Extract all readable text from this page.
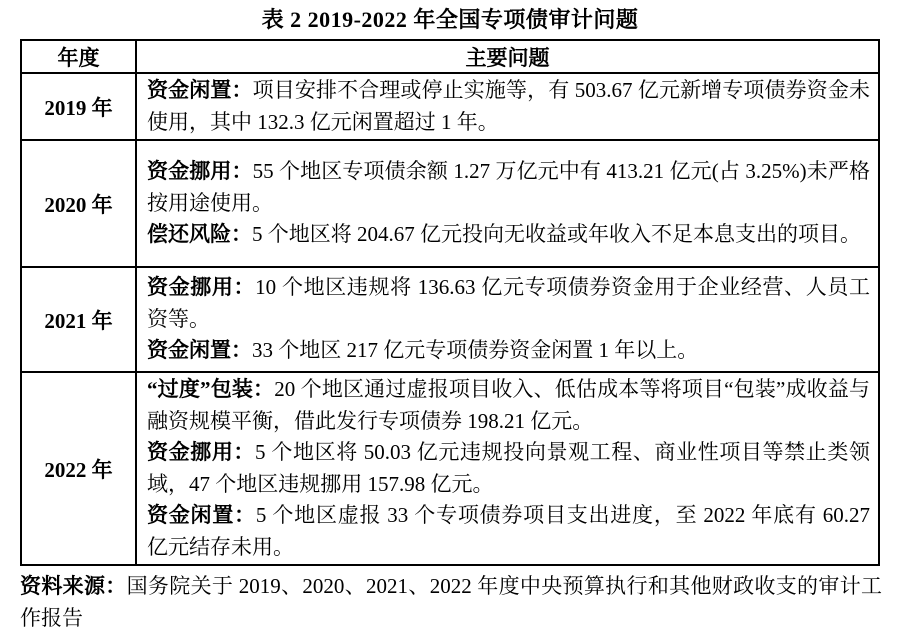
表 2 2019-2022 年全国专项债审计问题
年度	主要问题
2019 年	资金闲置：项目安排不合理或停止实施等，有 503.67 亿元新增专项债券资金未使用，其中 132.3 亿元闲置超过 1 年。

2020 年	资金挪用：55 个地区专项债余额 1.27 万亿元中有 413.21 亿元(占 3.25%)未严格按用途使用。

偿还风险：5 个地区将 204.67 亿元投向无收益或年收入不足本息支出的项目。

2021 年	资金挪用：10 个地区违规将 136.63 亿元专项债券资金用于企业经营、人员工资等。

资金闲置：33 个地区 217 亿元专项债券资金闲置 1 年以上。

2022 年	“过度”包装：20 个地区通过虚报项目收入、低估成本等将项目“包装”成收益与融资规模平衡，借此发行专项债券 198.21 亿元。

资金挪用：5 个地区将 50.03 亿元违规投向景观工程、商业性项目等禁止类领域，47 个地区违规挪用 157.98 亿元。

资金闲置：5 个地区虚报 33 个专项债券项目支出进度，至 2022 年底有 60.27 亿元结存未用。

资料来源：国务院关于 2019、2020、2021、2022 年度中央预算执行和其他财政收支的审计工作报告
